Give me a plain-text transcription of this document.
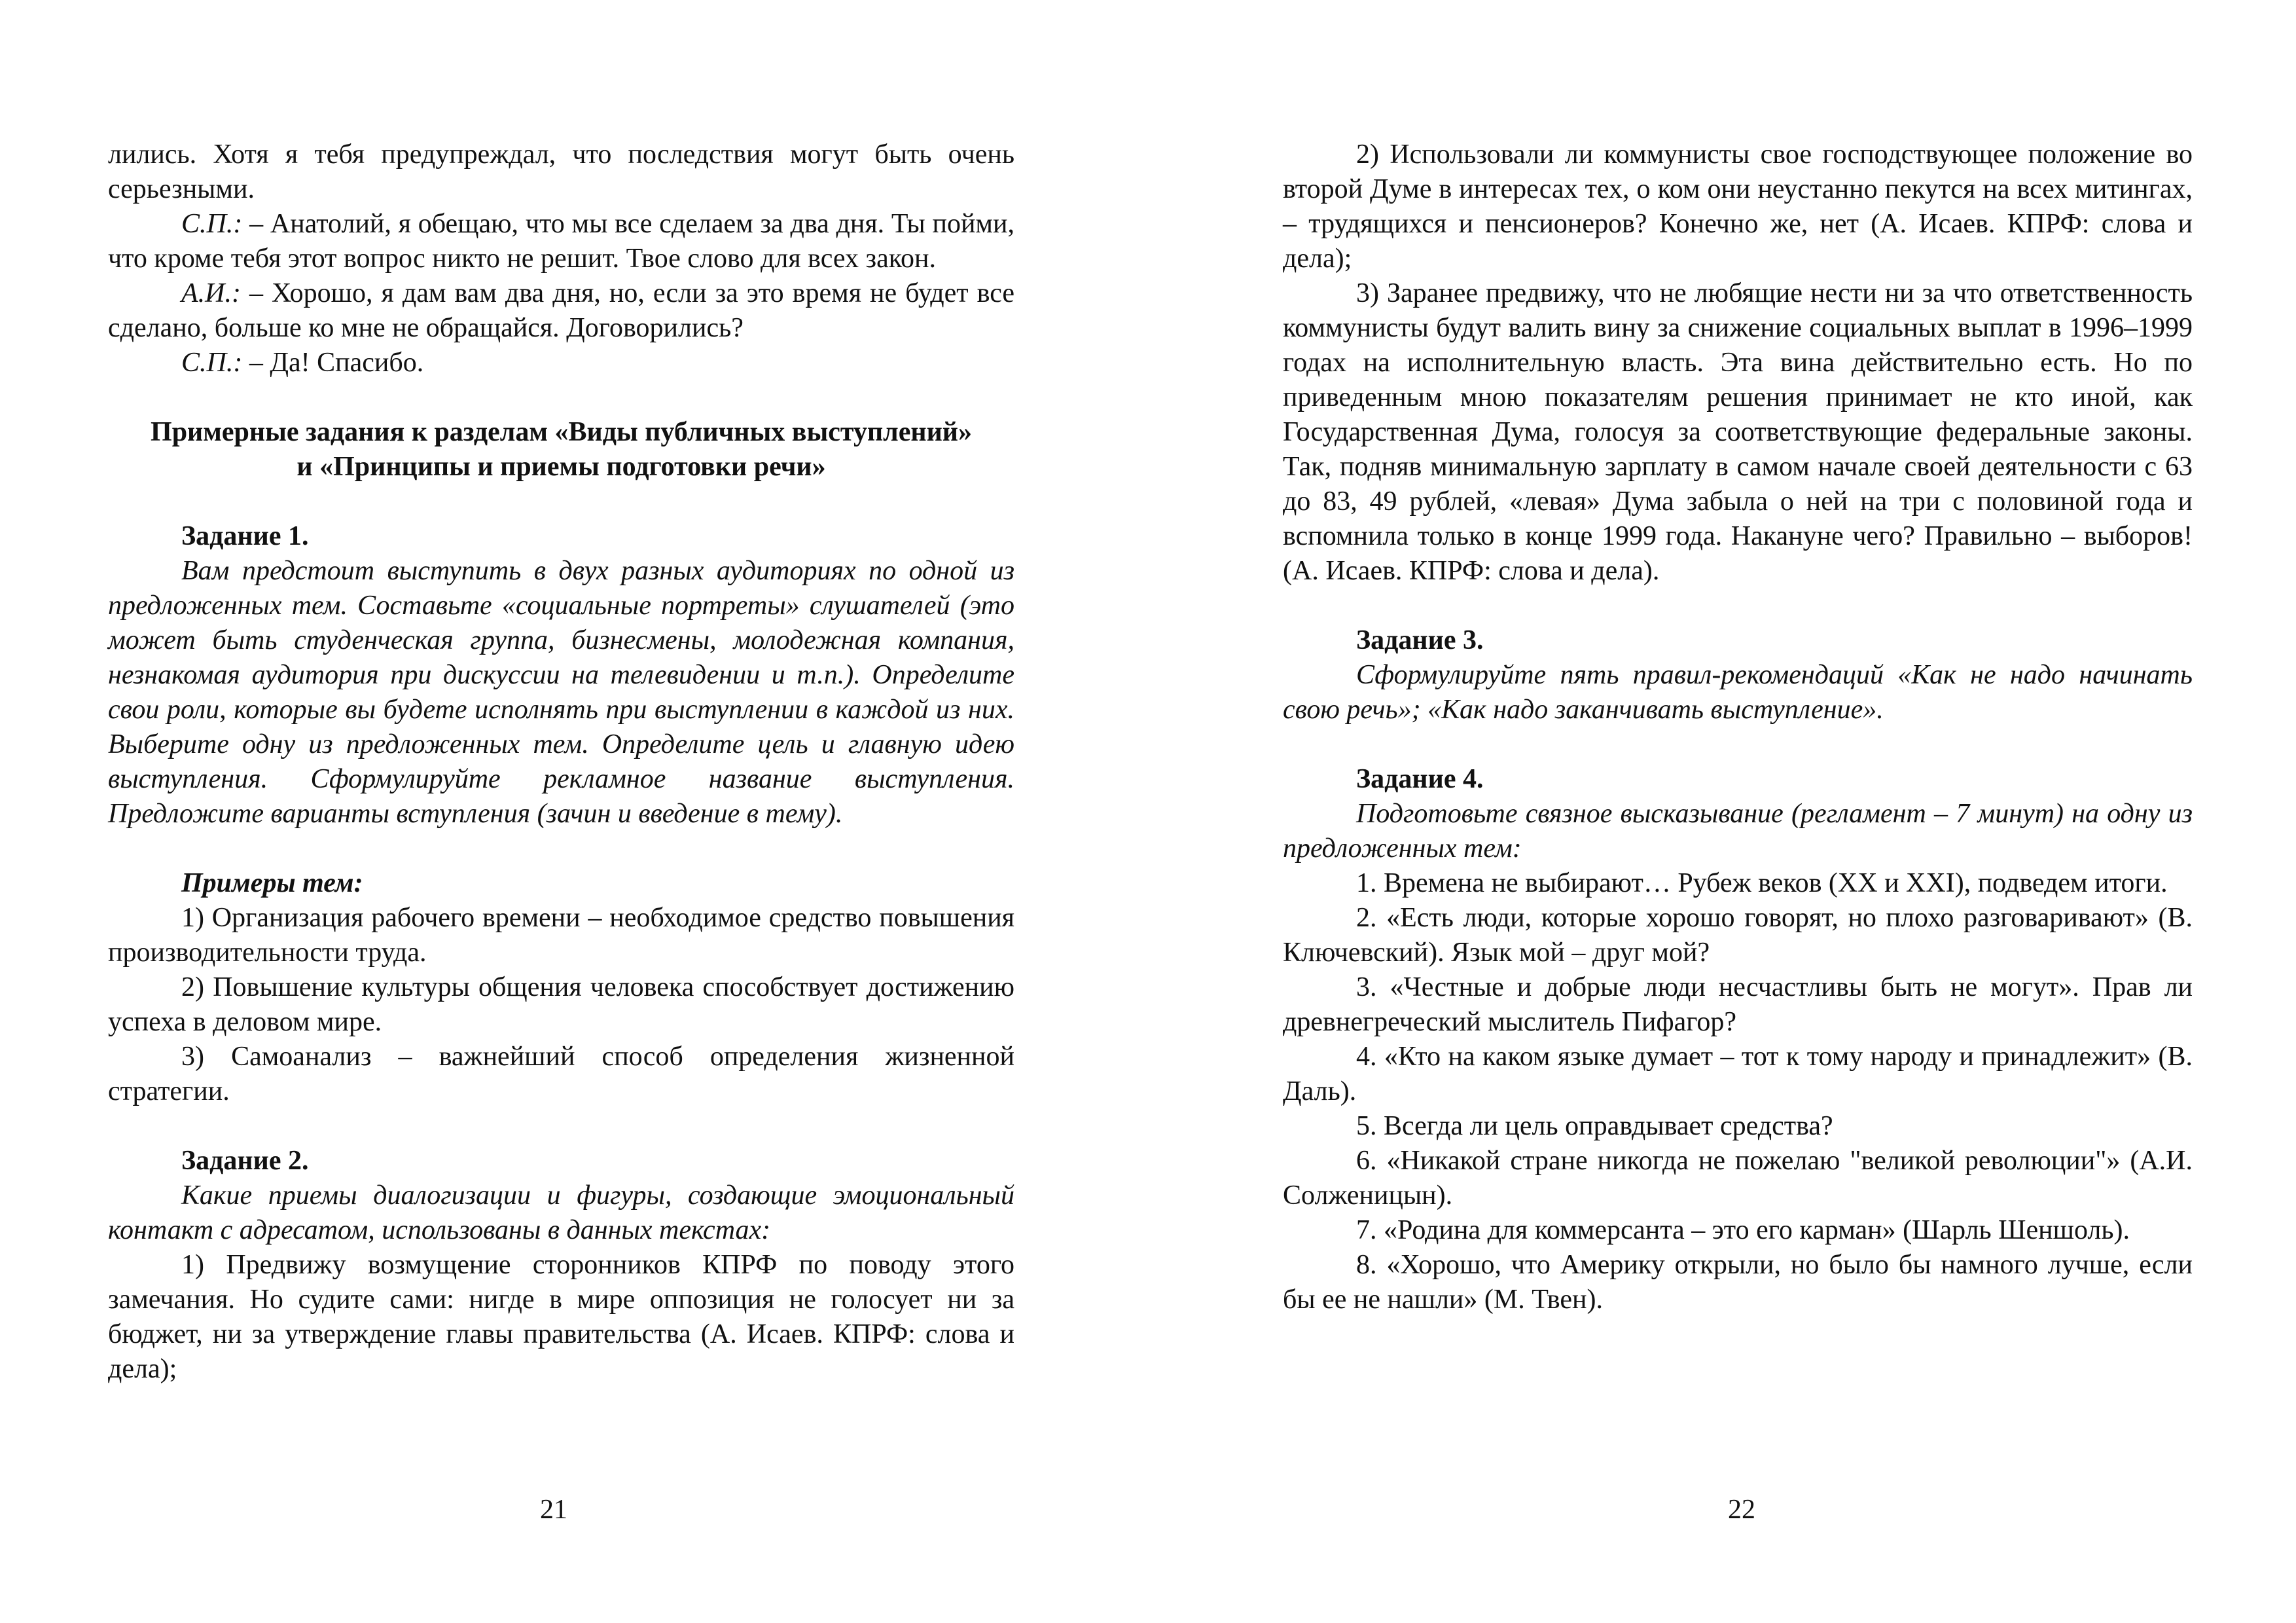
лились. Хотя я тебя предупреждал, что последствия могут быть очень серьезными.

С.П.: – Анатолий, я обещаю, что мы все сделаем за два дня. Ты пойми, что кроме тебя этот вопрос никто не решит. Твое слово для всех закон.

А.И.: – Хорошо, я дам вам два дня, но, если за это время не будет все сделано, больше ко мне не обращайся. Договорились?

С.П.: – Да! Спасибо.

Примерные задания к разделам «Виды публичных выступлений»

и «Принципы и приемы подготовки речи»

Задание 1.

Вам предстоит выступить в двух разных аудиториях по одной из предложенных тем. Составьте «социальные портреты» слушателей (это может быть студенческая группа, бизнесмены, молодежная компания, незнакомая аудитория при дискуссии на телевидении и т.п.). Определите свои роли, которые вы будете исполнять при выступлении в каждой из них. Выберите одну из предложенных тем. Определите цель и главную идею выступления. Сформулируйте рекламное название выступления. Предложите варианты вступления (зачин и введение в тему).

Примеры тем:

1) Организация рабочего времени – необходимое средство повышения производительности труда.

2) Повышение культуры общения человека способствует достижению успеха в деловом мире.

3) Самоанализ – важнейший способ определения жизненной стратегии.

Задание 2.

Какие приемы диалогизации и фигуры, создающие эмоциональный контакт с адресатом, использованы в данных текстах:

1) Предвижу возмущение сторонников КПРФ по поводу этого замечания. Но судите сами: нигде в мире оппозиция не голосует ни за бюджет, ни за утверждение главы правительства (А. Исаев. КПРФ: слова и дела);

21

2) Использовали ли коммунисты свое господствующее положение во второй Думе в интересах тех, о ком они неустанно пекутся на всех митингах, – трудящихся и пенсионеров? Конечно же, нет (А. Исаев. КПРФ: слова и дела);

3) Заранее предвижу, что не любящие нести ни за что ответственность коммунисты будут валить вину за снижение социальных выплат в 1996–1999 годах на исполнительную власть. Эта вина действительно есть. Но по приведенным мною показателям решения принимает не кто иной, как Государственная Дума, голосуя за соответствующие федеральные законы. Так, подняв минимальную зарплату в самом начале своей деятельности с 63 до 83, 49 рублей, «левая» Дума забыла о ней на три с половиной года и вспомнила только в конце 1999 года. Накануне чего? Правильно – выборов! (А. Исаев. КПРФ: слова и дела).

Задание 3.

Сформулируйте пять правил-рекомендаций «Как не надо начинать свою речь»; «Как надо заканчивать выступление».

Задание 4.

Подготовьте связное высказывание (регламент – 7 минут) на одну из предложенных тем:

1. Времена не выбирают… Рубеж веков (XX и XXI), подведем итоги.

2. «Есть люди, которые хорошо говорят, но плохо разговаривают» (В. Ключевский). Язык мой – друг мой?

3. «Честные и добрые люди несчастливы быть не могут». Прав ли древнегреческий мыслитель Пифагор?

4. «Кто на каком языке думает – тот к тому народу и принадлежит» (В. Даль).

5. Всегда ли цель оправдывает средства?

6. «Никакой стране никогда не пожелаю "великой революции"» (А.И. Солженицын).

7. «Родина для коммерсанта – это его карман» (Шарль Шеншоль).

8. «Хорошо, что Америку открыли, но было бы намного лучше, если бы ее не нашли» (М. Твен).

22
